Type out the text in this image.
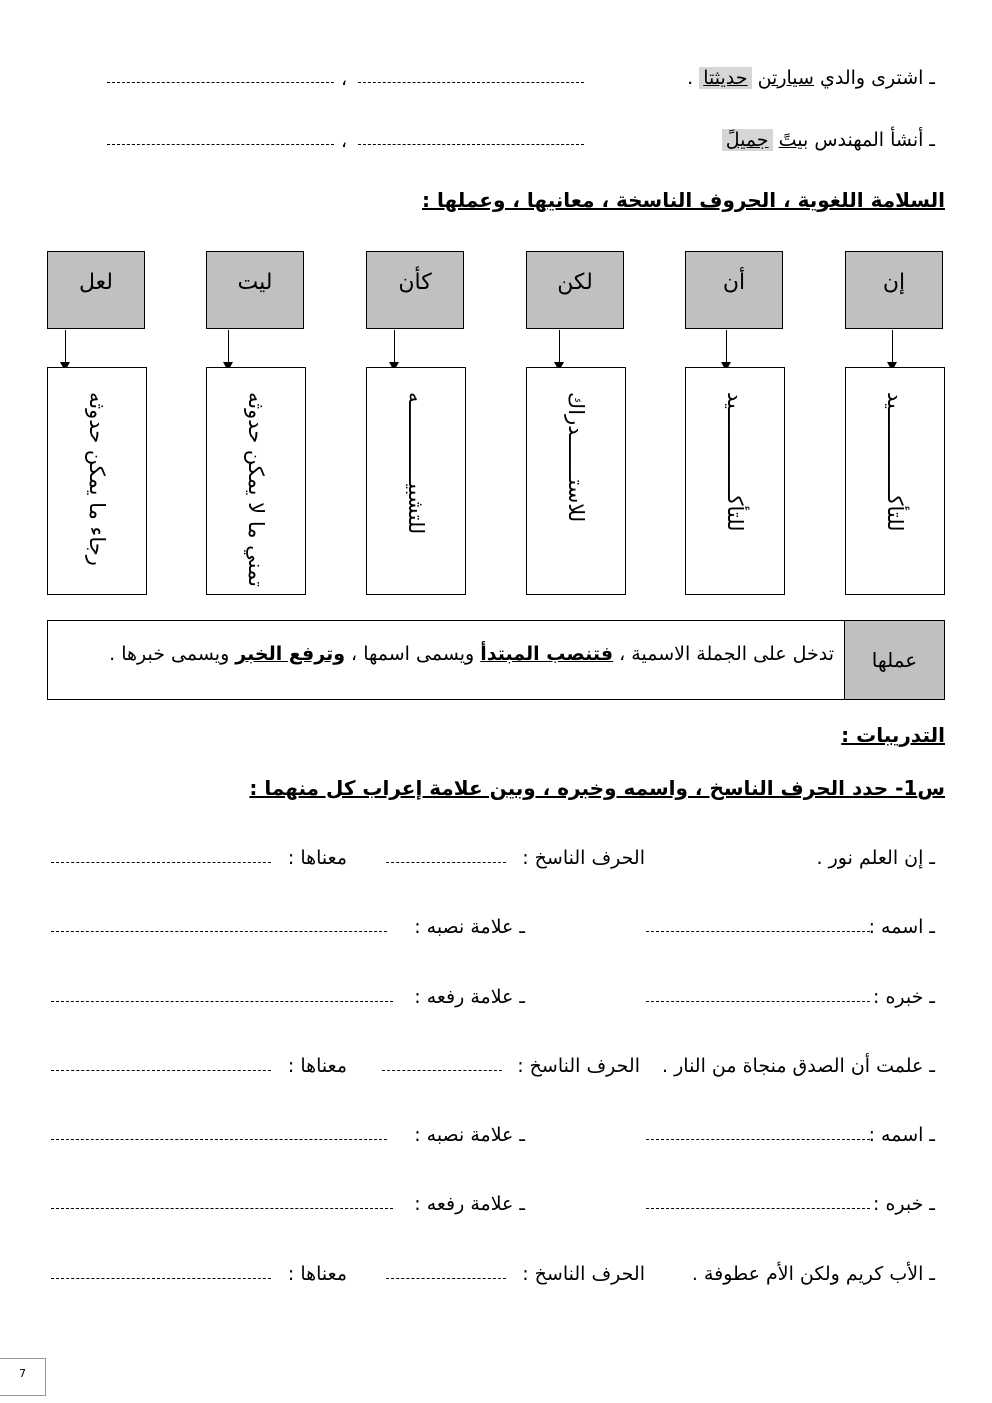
ـ اشترى والدي سيارتن حديثتا .
،
ـ أنشأ المهندس بيتً جميلً
،
السلامة اللغوية ، الحروف الناسخة ، معانيها ، وعملها :
إن
أن
لكن
كأن
ليت
لعل
للتأكــــــــــــــيد
للتأكــــــــــــــيد
للاستـــــــدراك
للتشبيـــــــــــــه
تمني ما لا يمكن حدوثه
رجاء ما يمكن حدوثه
عملها
تدخل على الجملة الاسمية ، فتنصب المبتدأ ويسمى اسمها ، وترفع الخبر ويسمى خبرها .
التدريبات :
س1- حدد الحرف الناسخ ، واسمه وخبره ، وبين علامة إعراب كل منهما :
ـ إن العلم نور .
الحرف الناسخ :
معناها :
ـ اسمه :
ـ علامة نصبه :
ـ خبره :
ـ علامة رفعه :
ـ علمت أن الصدق منجاة من النار .
الحرف الناسخ :
معناها :
ـ اسمه :
ـ علامة نصبه :
ـ خبره :
ـ علامة رفعه :
ـ الأب كريم ولكن الأم عطوفة .
الحرف الناسخ :
معناها :
7
